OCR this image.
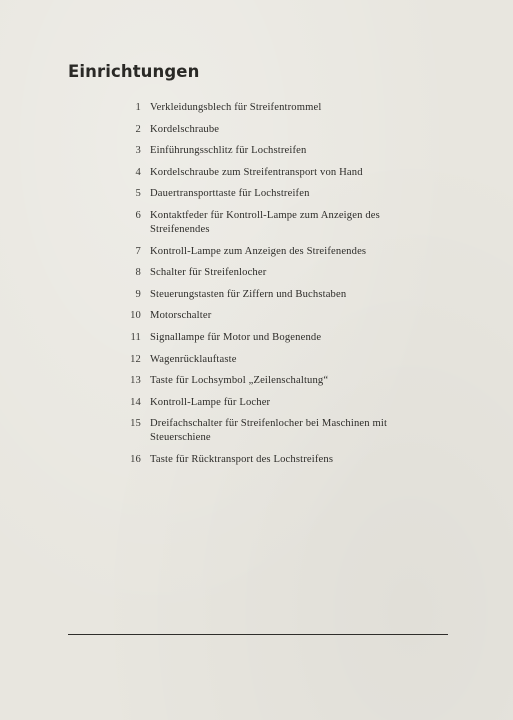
Einrichtungen
1 Verkleidungsblech für Streifentrommel
2 Kordelschraube
3 Einführungsschlitz für Lochstreifen
4 Kordelschraube zum Streifentransport von Hand
5 Dauertransporttaste für Lochstreifen
6 Kontaktfeder für Kontroll-Lampe zum Anzeigen des Streifenendes
7 Kontroll-Lampe zum Anzeigen des Streifenendes
8 Schalter für Streifenlocher
9 Steuerungstasten für Ziffern und Buchstaben
10 Motorschalter
11 Signallampe für Motor und Bogenende
12 Wagenrücklauftaste
13 Taste für Lochsymbol „Zeilenschaltung“
14 Kontroll-Lampe für Locher
15 Dreifachschalter für Streifenlocher bei Maschinen mit Steuerschiene
16 Taste für Rücktransport des Lochstreifens
